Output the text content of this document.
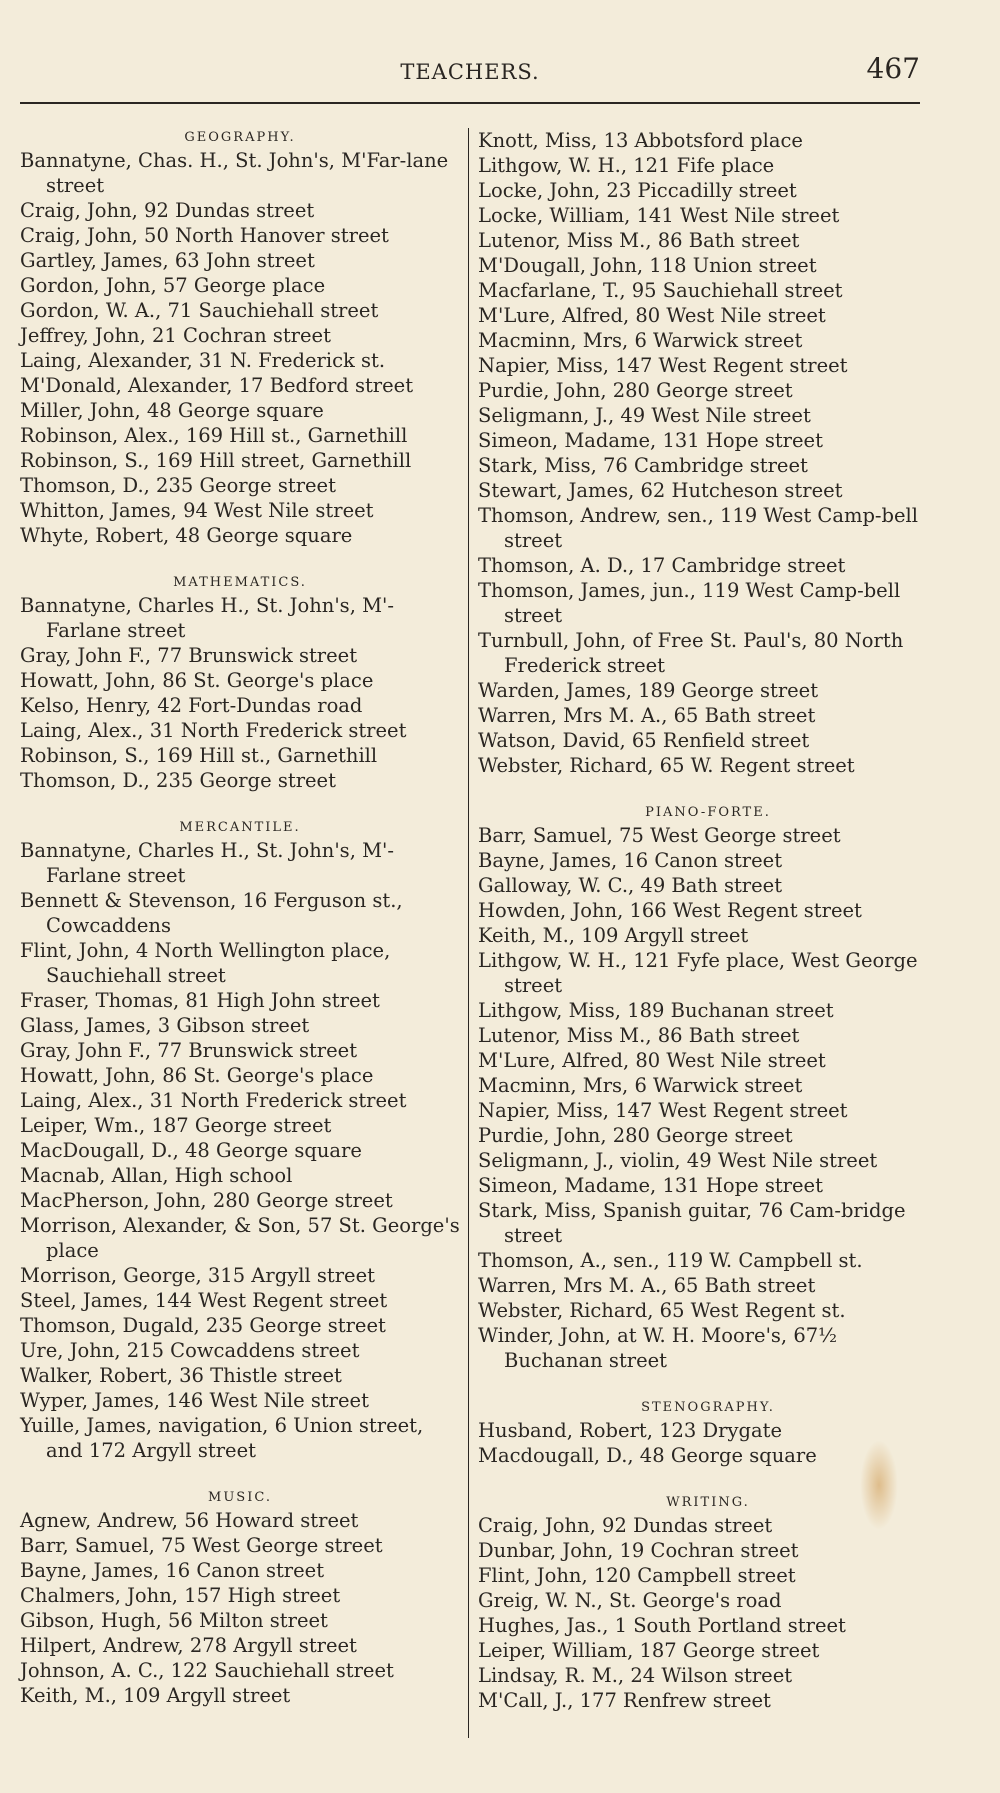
TEACHERS.	467
GEOGRAPHY.
Bannatyne, Chas. H., St. John's, M'Far-lane street
Craig, John, 92 Dundas street
Craig, John, 50 North Hanover street
Gartley, James, 63 John street
Gordon, John, 57 George place
Gordon, W. A., 71 Sauchiehall street
Jeffrey, John, 21 Cochran street
Laing, Alexander, 31 N. Frederick st.
M'Donald, Alexander, 17 Bedford street
Miller, John, 48 George square
Robinson, Alex., 169 Hill st., Garnethill
Robinson, S., 169 Hill street, Garnethill
Thomson, D., 235 George street
Whitton, James, 94 West Nile street
Whyte, Robert, 48 George square
MATHEMATICS.
Bannatyne, Charles H., St. John's, M'-Farlane street
Gray, John F., 77 Brunswick street
Howatt, John, 86 St. George's place
Kelso, Henry, 42 Fort-Dundas road
Laing, Alex., 31 North Frederick street
Robinson, S., 169 Hill st., Garnethill
Thomson, D., 235 George street
MERCANTILE.
Bannatyne, Charles H., St. John's, M'-Farlane street
Bennett & Stevenson, 16 Ferguson st., Cowcaddens
Flint, John, 4 North Wellington place, Sauchiehall street
Fraser, Thomas, 81 High John street
Glass, James, 3 Gibson street
Gray, John F., 77 Brunswick street
Howatt, John, 86 St. George's place
Laing, Alex., 31 North Frederick street
Leiper, Wm., 187 George street
MacDougall, D., 48 George square
Macnab, Allan, High school
MacPherson, John, 280 George street
Morrison, Alexander, & Son, 57 St. George's place
Morrison, George, 315 Argyll street
Steel, James, 144 West Regent street
Thomson, Dugald, 235 George street
Ure, John, 215 Cowcaddens street
Walker, Robert, 36 Thistle street
Wyper, James, 146 West Nile street
Yuille, James, navigation, 6 Union street, and 172 Argyll street
MUSIC.
Agnew, Andrew, 56 Howard street
Barr, Samuel, 75 West George street
Bayne, James, 16 Canon street
Chalmers, John, 157 High street
Gibson, Hugh, 56 Milton street
Hilpert, Andrew, 278 Argyll street
Johnson, A. C., 122 Sauchiehall street
Keith, M., 109 Argyll street
Knott, Miss, 13 Abbotsford place
Lithgow, W. H., 121 Fife place
Locke, John, 23 Piccadilly street
Locke, William, 141 West Nile street
Lutenor, Miss M., 86 Bath street
M'Dougall, John, 118 Union street
Macfarlane, T., 95 Sauchiehall street
M'Lure, Alfred, 80 West Nile street
Macminn, Mrs, 6 Warwick street
Napier, Miss, 147 West Regent street
Purdie, John, 280 George street
Seligmann, J., 49 West Nile street
Simeon, Madame, 131 Hope street
Stark, Miss, 76 Cambridge street
Stewart, James, 62 Hutcheson street
Thomson, Andrew, sen., 119 West Camp-bell street
Thomson, A. D., 17 Cambridge street
Thomson, James, jun., 119 West Camp-bell street
Turnbull, John, of Free St. Paul's, 80 North Frederick street
Warden, James, 189 George street
Warren, Mrs M. A., 65 Bath street
Watson, David, 65 Renfield street
Webster, Richard, 65 W. Regent street
PIANO-FORTE.
Barr, Samuel, 75 West George street
Bayne, James, 16 Canon street
Galloway, W. C., 49 Bath street
Howden, John, 166 West Regent street
Keith, M., 109 Argyll street
Lithgow, W. H., 121 Fyfe place, West George street
Lithgow, Miss, 189 Buchanan street
Lutenor, Miss M., 86 Bath street
M'Lure, Alfred, 80 West Nile street
Macminn, Mrs, 6 Warwick street
Napier, Miss, 147 West Regent street
Purdie, John, 280 George street
Seligmann, J., violin, 49 West Nile street
Simeon, Madame, 131 Hope street
Stark, Miss, Spanish guitar, 76 Cam-bridge street
Thomson, A., sen., 119 W. Campbell st.
Warren, Mrs M. A., 65 Bath street
Webster, Richard, 65 West Regent st.
Winder, John, at W. H. Moore's, 67½ Buchanan street
STENOGRAPHY.
Husband, Robert, 123 Drygate
Macdougall, D., 48 George square
WRITING.
Craig, John, 92 Dundas street
Dunbar, John, 19 Cochran street
Flint, John, 120 Campbell street
Greig, W. N., St. George's road
Hughes, Jas., 1 South Portland street
Leiper, William, 187 George street
Lindsay, R. M., 24 Wilson street
M'Call, J., 177 Renfrew street
